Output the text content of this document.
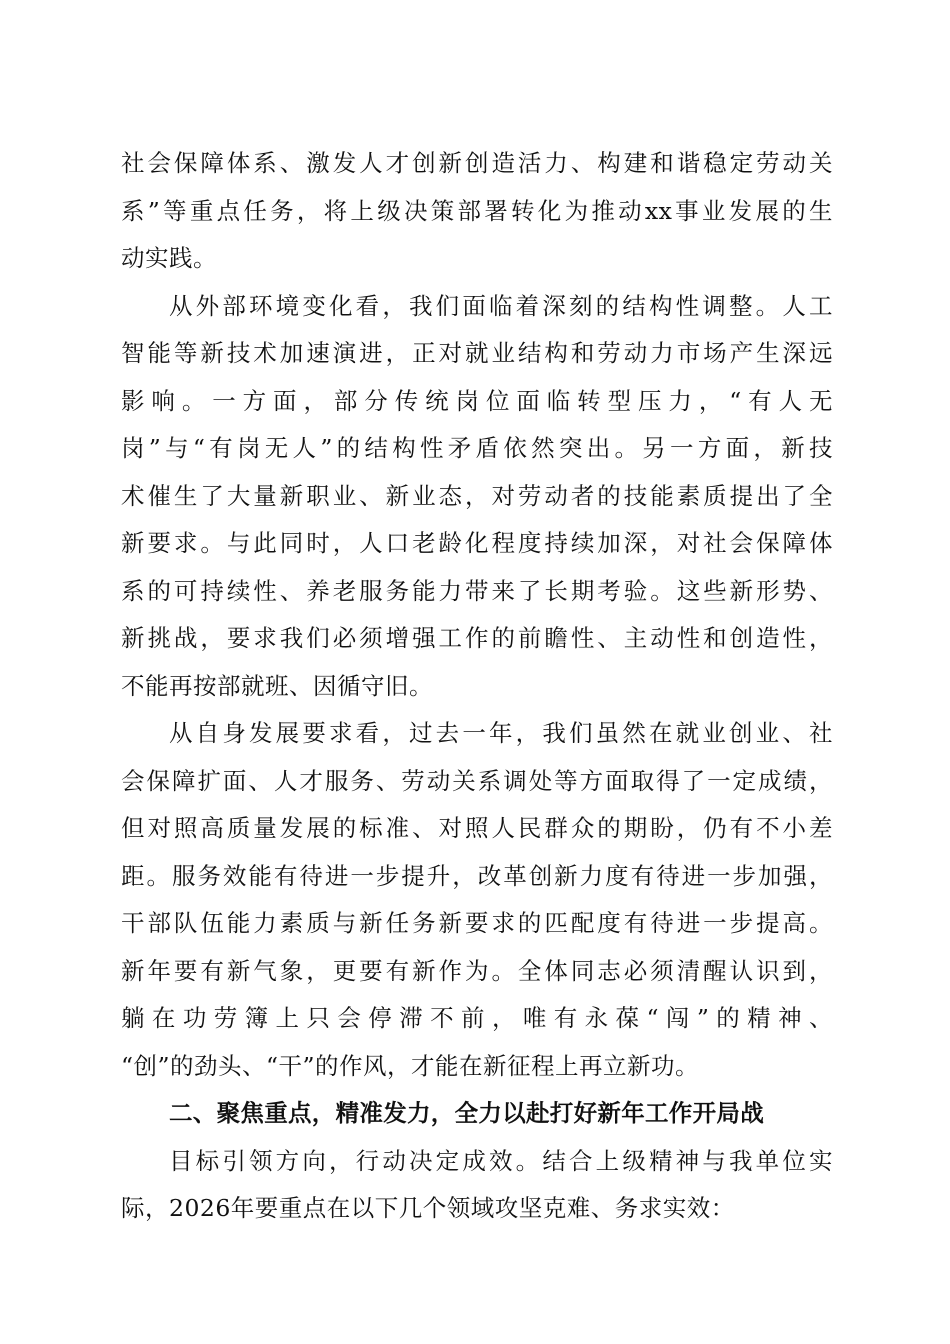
社会保障体系、激发人才创新创造活力、构建和谐稳定劳动关
系”等重点任务，将上级决策部署转化为推动xx事业发展的生
动实践。
从外部环境变化看，我们面临着深刻的结构性调整。人工
智能等新技术加速演进，正对就业结构和劳动力市场产生深远
影响。一方面，部分传统岗位面临转型压力，“有人无
岗”与“有岗无人”的结构性矛盾依然突出。另一方面，新技
术催生了大量新职业、新业态，对劳动者的技能素质提出了全
新要求。与此同时，人口老龄化程度持续加深，对社会保障体
系的可持续性、养老服务能力带来了长期考验。这些新形势、
新挑战，要求我们必须增强工作的前瞻性、主动性和创造性，
不能再按部就班、因循守旧。
从自身发展要求看，过去一年，我们虽然在就业创业、社
会保障扩面、人才服务、劳动关系调处等方面取得了一定成绩，
但对照高质量发展的标准、对照人民群众的期盼，仍有不小差
距。服务效能有待进一步提升，改革创新力度有待进一步加强，
干部队伍能力素质与新任务新要求的匹配度有待进一步提高。
新年要有新气象，更要有新作为。全体同志必须清醒认识到，
躺在功劳簿上只会停滞不前，唯有永葆“闯”的精神、
“创”的劲头、“干”的作风，才能在新征程上再立新功。
二、聚焦重点，精准发力，全力以赴打好新年工作开局战
目标引领方向，行动决定成效。结合上级精神与我单位实
际，2026年要重点在以下几个领域攻坚克难、务求实效：
